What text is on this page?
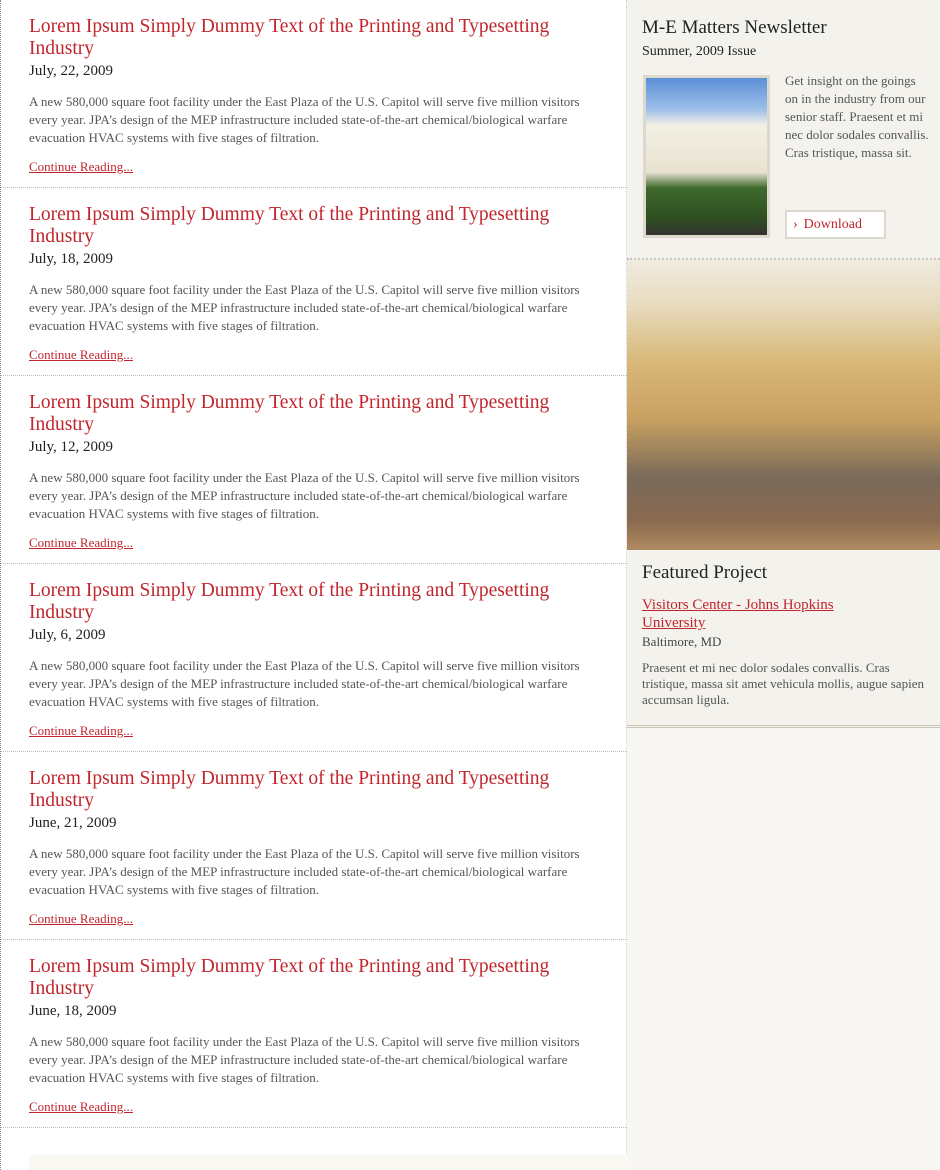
Lorem Ipsum Simply Dummy Text of the Printing and Typesetting Industry
July, 22, 2009

A new 580,000 square foot facility under the East Plaza of the U.S. Capitol will serve five million visitors every year. JPA’s design of the MEP infrastructure included state-of-the-art chemical/biological warfare evacuation HVAC systems with five stages of filtration.

Continue Reading...
Lorem Ipsum Simply Dummy Text of the Printing and Typesetting Industry
July, 18, 2009

A new 580,000 square foot facility under the East Plaza of the U.S. Capitol will serve five million visitors every year. JPA’s design of the MEP infrastructure included state-of-the-art chemical/biological warfare evacuation HVAC systems with five stages of filtration.

Continue Reading...
Lorem Ipsum Simply Dummy Text of the Printing and Typesetting Industry
July, 12, 2009

A new 580,000 square foot facility under the East Plaza of the U.S. Capitol will serve five million visitors every year. JPA’s design of the MEP infrastructure included state-of-the-art chemical/biological warfare evacuation HVAC systems with five stages of filtration.

Continue Reading...
Lorem Ipsum Simply Dummy Text of the Printing and Typesetting Industry
July, 6, 2009

A new 580,000 square foot facility under the East Plaza of the U.S. Capitol will serve five million visitors every year. JPA’s design of the MEP infrastructure included state-of-the-art chemical/biological warfare evacuation HVAC systems with five stages of filtration.

Continue Reading...
Lorem Ipsum Simply Dummy Text of the Printing and Typesetting Industry
June, 21, 2009

A new 580,000 square foot facility under the East Plaza of the U.S. Capitol will serve five million visitors every year. JPA’s design of the MEP infrastructure included state-of-the-art chemical/biological warfare evacuation HVAC systems with five stages of filtration.

Continue Reading...
Lorem Ipsum Simply Dummy Text of the Printing and Typesetting Industry
June, 18, 2009

A new 580,000 square foot facility under the East Plaza of the U.S. Capitol will serve five million visitors every year. JPA’s design of the MEP infrastructure included state-of-the-art chemical/biological warfare evacuation HVAC systems with five stages of filtration.

Continue Reading...
M-E Matters Newsletter
Summer, 2009 Issue
Get insight on the goings on in the industry from our senior staff. Praesent et mi nec dolor sodales convallis. Cras tristique, massa sit.
› Download
Featured Project
Visitors Center - Johns Hopkins University
Baltimore, MD

Praesent et mi nec dolor sodales convallis. Cras tristique, massa sit amet vehicula mollis, augue sapien accumsan ligula.
